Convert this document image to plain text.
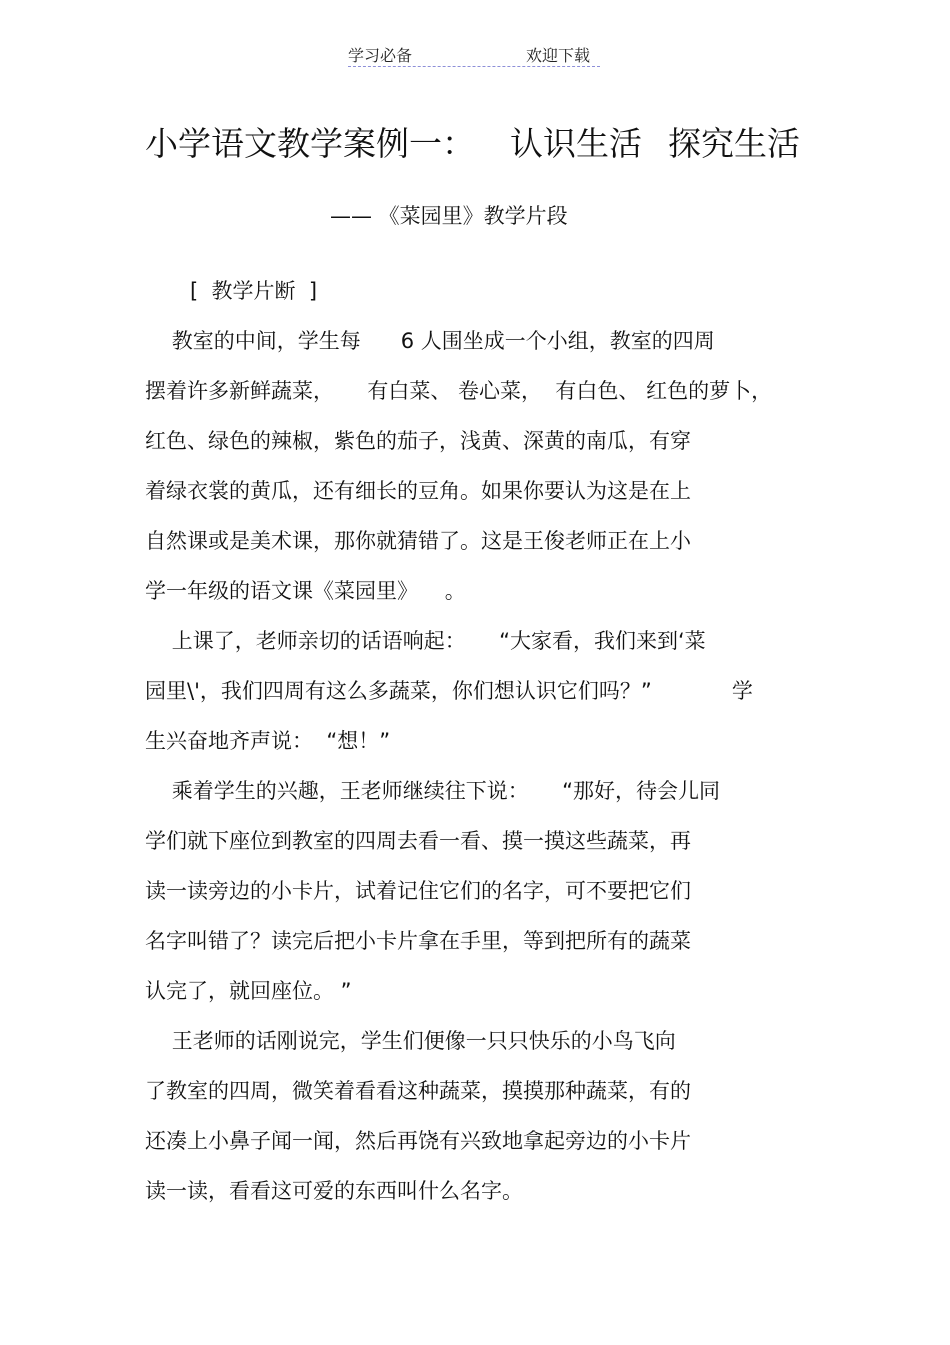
学习必备	欢迎下载
小学语文教学案例一： 认识生活 探究生活
—— 《菜园里》教学片段
[  教学片断  ]
教室的中间，学生每      6 人围坐成一个小组，教室的四周
摆着许多新鲜蔬菜，     有白菜、 卷心菜，  有白色、 红色的萝卜，
红色、绿色的辣椒，紫色的茄子，浅黄、深黄的南瓜，有穿
着绿衣裳的黄瓜，还有细长的豆角。如果你要认为这是在上
自然课或是美术课，那你就猜错了。这是王俊老师正在上小
学一年级的语文课《菜园里》    。
上课了，老师亲切的话语响起：     “大家看，我们来到‘菜
园里\'，我们四周有这么多蔬菜，你们想认识它们吗？”            学
生兴奋地齐声说：  “想！”
乘着学生的兴趣，王老师继续往下说：     “那好，待会儿同
学们就下座位到教室的四周去看一看、摸一摸这些蔬菜，再
读一读旁边的小卡片，试着记住它们的名字，可不要把它们
名字叫错了？读完后把小卡片拿在手里，等到把所有的蔬菜
认完了，就回座位。 ”
王老师的话刚说完，学生们便像一只只快乐的小鸟飞向
了教室的四周，微笑着看看这种蔬菜，摸摸那种蔬菜，有的
还凑上小鼻子闻一闻，然后再饶有兴致地拿起旁边的小卡片
读一读，看看这可爱的东西叫什么名字。
